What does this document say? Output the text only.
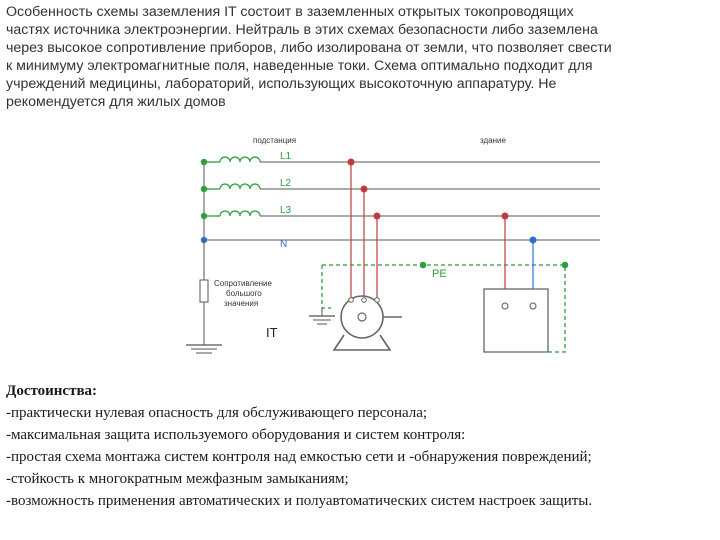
Особенность схемы заземления IT состоит в заземленных открытых токопроводящих
частях источника электроэнергии. Нейтраль в этих схемах безопасности либо заземлена
через высокое сопротивление приборов, либо изолирована от земли, что позволяет свести
к минимуму электромагнитные поля, наведенные токи. Схема оптимально подходит для
учреждений медицины, лабораторий, использующих высокоточную аппаратуру. Не
рекомендуется для жилых домов
подстанция	здание
L1
L2
L3
N
Сопротивление
большого
значения
IT
PE
Достоинства:
-практически нулевая опасность для обслуживающего персонала;
-максимальная защита используемого оборудования и систем контроля:
-простая схема монтажа систем контроля над емкостью сети и -обнаружения повреждений;
-стойкость к многократным межфазным замыканиям;
-возможность применения автоматических и полуавтоматических систем настроек защиты.
